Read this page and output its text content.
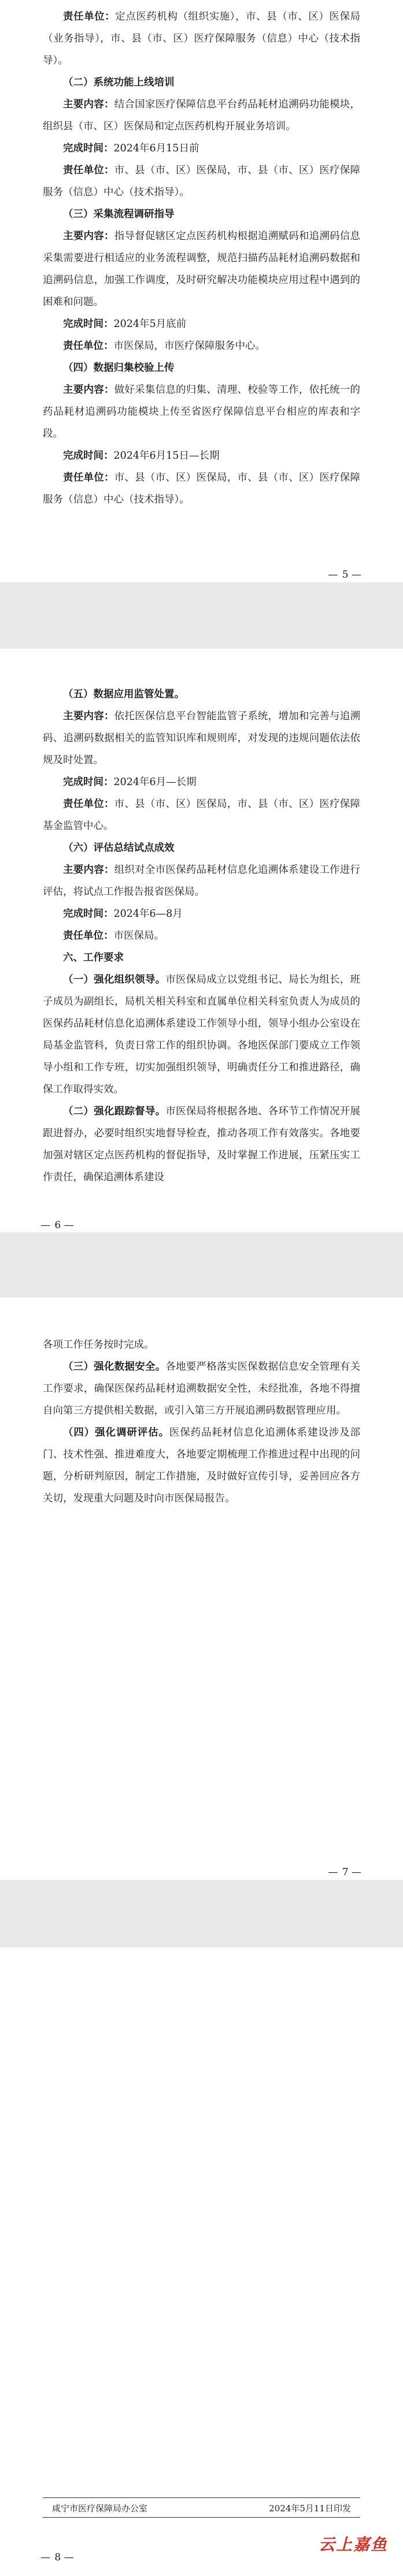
责任单位：定点医药机构（组织实施），市、县（市、区）医保局（业务指导），市、县（市、区）医疗保障服务（信息）中心（技术指导）。

（二）系统功能上线培训

主要内容：结合国家医疗保障信息平台药品耗材追溯码功能模块，组织县（市、区）医保局和定点医药机构开展业务培训。

完成时间：2024年6月15日前

责任单位：市、县（市、区）医保局，市、县（市、区）医疗保障服务（信息）中心（技术指导）。

（三）采集流程调研指导

主要内容：指导督促辖区定点医药机构根据追溯赋码和追溯码信息采集需要进行相适应的业务流程调整，规范扫描药品耗材追溯码数据和追溯码信息，加强工作调度，及时研究解决功能模块应用过程中遇到的困难和问题。

完成时间：2024年5月底前

责任单位：市医保局，市医疗保障服务中心。

（四）数据归集校验上传

主要内容：做好采集信息的归集、清理、校验等工作，依托统一的药品耗材追溯码功能模块上传至省医疗保障信息平台相应的库表和字段。

完成时间：2024年6月15日—长期

责任单位：市、县（市、区）医保局，市、县（市、区）医疗保障服务（信息）中心（技术指导）。

— 5 —

（五）数据应用监管处置。

主要内容：依托医保信息平台智能监管子系统，增加和完善与追溯码、追溯码数据相关的监管知识库和规则库，对发现的违规问题依法依规及时处置。

完成时间：2024年6月—长期

责任单位：市、县（市、区）医保局，市、县（市、区）医疗保障基金监管中心。

（六）评估总结试点成效

主要内容：组织对全市医保药品耗材信息化追溯体系建设工作进行评估，将试点工作报告报省医保局。

完成时间：2024年6—8月

责任单位：市医保局。

六、工作要求

（一）强化组织领导。市医保局成立以党组书记、局长为组长，班子成员为副组长，局机关相关科室和直属单位相关科室负责人为成员的医保药品耗材信息化追溯体系建设工作领导小组，领导小组办公室设在局基金监管科，负责日常工作的组织协调。各地医保部门要成立工作领导小组和工作专班，切实加强组织领导，明确责任分工和推进路径，确保工作取得实效。

（二）强化跟踪督导。市医保局将根据各地、各环节工作情况开展跟进督办，必要时组织实地督导检查，推动各项工作有效落实。各地要加强对辖区定点医药机构的督促指导，及时掌握工作进展，压紧压实工作责任，确保追溯体系建设

— 6 —

各项工作任务按时完成。

（三）强化数据安全。各地要严格落实医保数据信息安全管理有关工作要求，确保医保药品耗材追溯数据安全性，未经批准，各地不得擅自向第三方提供相关数据，或引入第三方开展追溯码数据管理应用。

（四）强化调研评估。医保药品耗材信息化追溯体系建设涉及部门、技术性强、推进难度大，各地要定期梳理工作推进过程中出现的问题，分析研判原因，制定工作措施，及时做好宣传引导，妥善回应各方关切，发现重大问题及时向市医保局报告。

— 7 —
咸宁市医疗保障局办公室	2024年5月11日印发
— 8 —
云上嘉鱼
